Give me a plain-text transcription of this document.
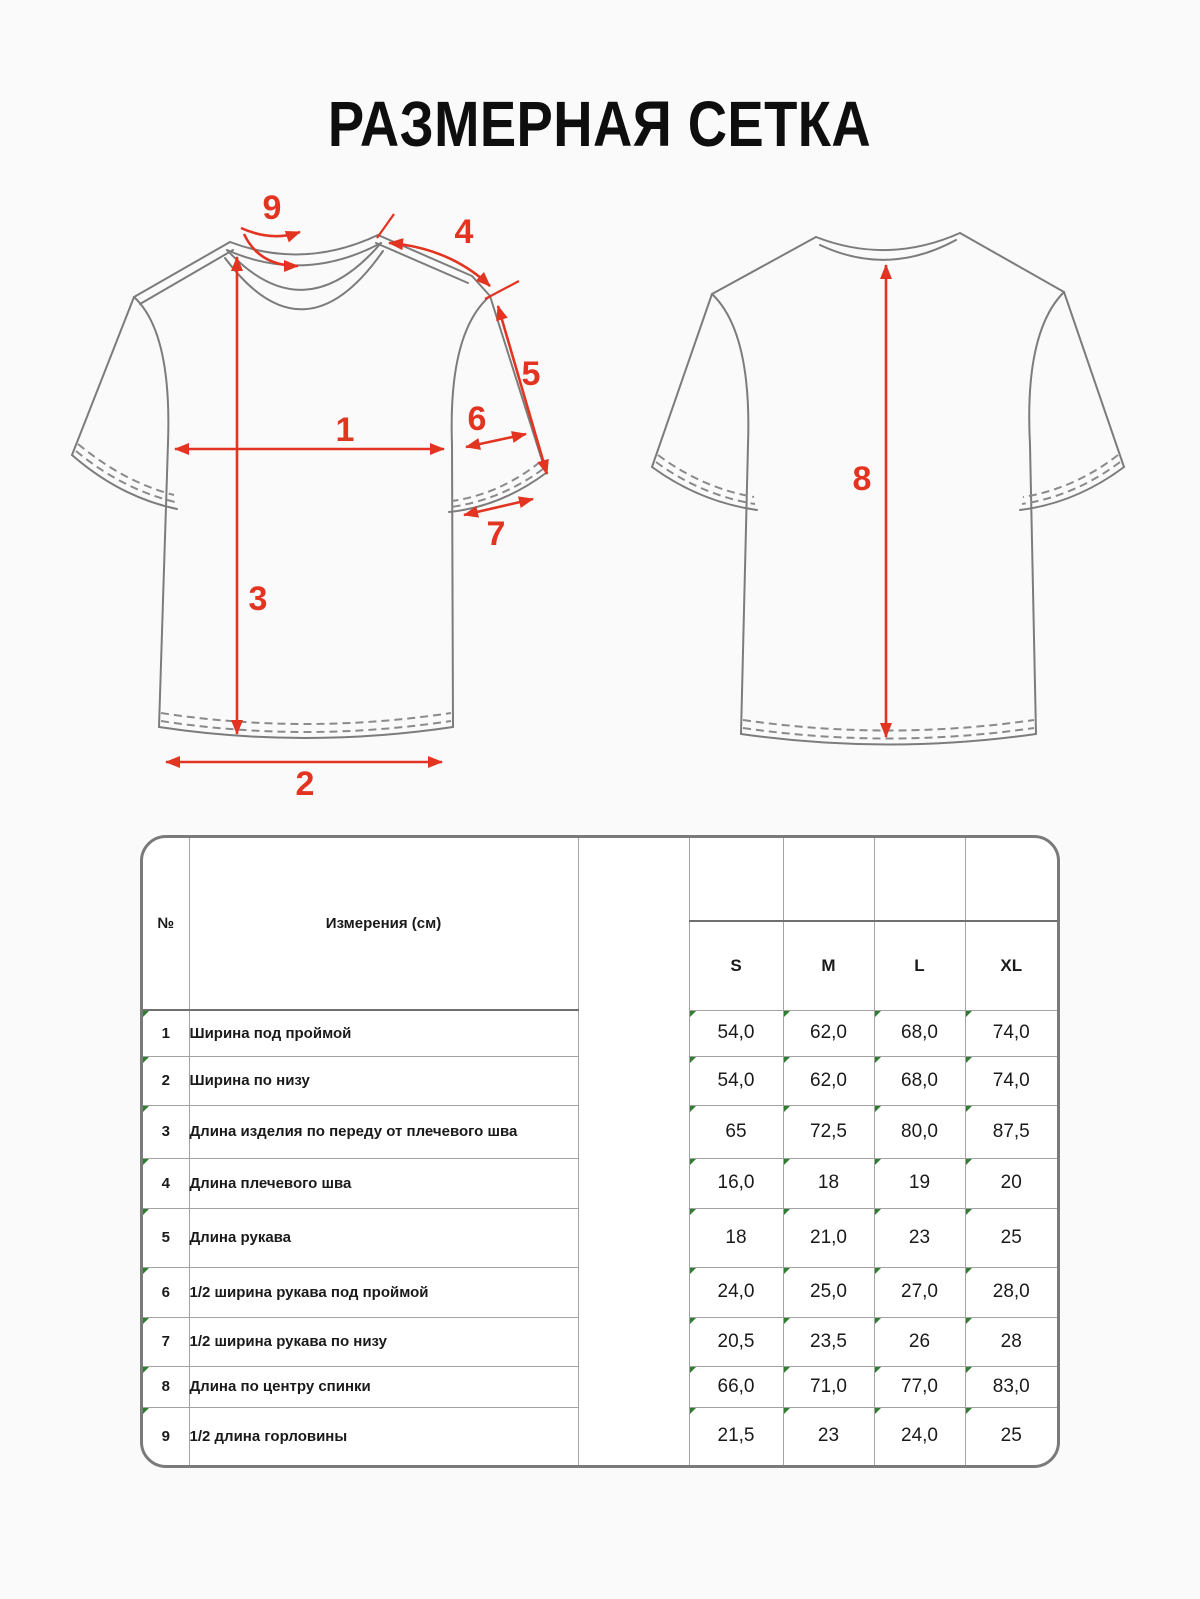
РАЗМЕРНАЯ СЕТКА
1
2
3
4
5
6
7
8
9
№	Измерения (см)					
			S	M	L	XL
1	Ширина под проймой		54,0	62,0	68,0	74,0
2	Ширина по низу		54,0	62,0	68,0	74,0
3	Длина изделия по переду от плечевого шва		65	72,5	80,0	87,5
4	Длина плечевого шва		16,0	18	19	20
5	Длина рукава		18	21,0	23	25
6	1/2 ширина рукава под проймой		24,0	25,0	27,0	28,0
7	1/2 ширина рукава по низу		20,5	23,5	26	28
8	Длина по центру спинки		66,0	71,0	77,0	83,0
9	1/2 длина горловины		21,5	23	24,0	25
